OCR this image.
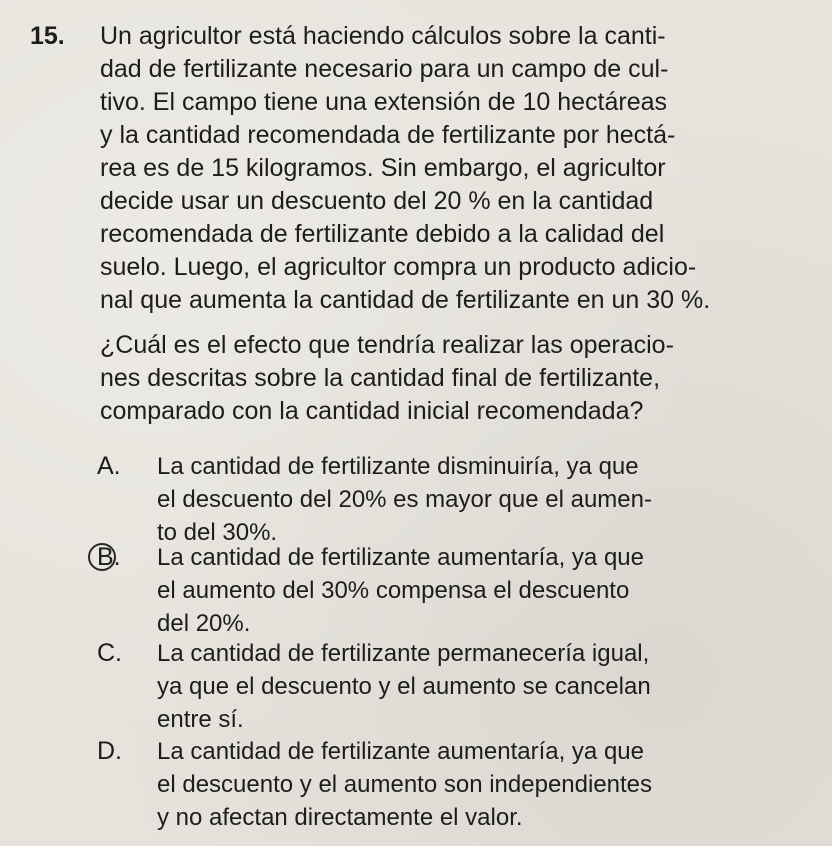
15. Un agricultor está haciendo cálculos sobre la canti-
dad de fertilizante necesario para un campo de cul-
tivo. El campo tiene una extensión de 10 hectáreas
y la cantidad recomendada de fertilizante por hectá-
rea es de 15 kilogramos. Sin embargo, el agricultor
decide usar un descuento del 20 % en la cantidad
recomendada de fertilizante debido a la calidad del
suelo. Luego, el agricultor compra un producto adicio-
nal que aumenta la cantidad de fertilizante en un 30 %.
¿Cuál es el efecto que tendría realizar las operacio-
nes descritas sobre la cantidad final de fertilizante,
comparado con la cantidad inicial recomendada?
A. La cantidad de fertilizante disminuiría, ya que
el descuento del 20% es mayor que el aumen-
to del 30%.
B. La cantidad de fertilizante aumentaría, ya que
el aumento del 30% compensa el descuento
del 20%.
C. La cantidad de fertilizante permanecería igual,
ya que el descuento y el aumento se cancelan
entre sí.
D. La cantidad de fertilizante aumentaría, ya que
el descuento y el aumento son independientes
y no afectan directamente el valor.
